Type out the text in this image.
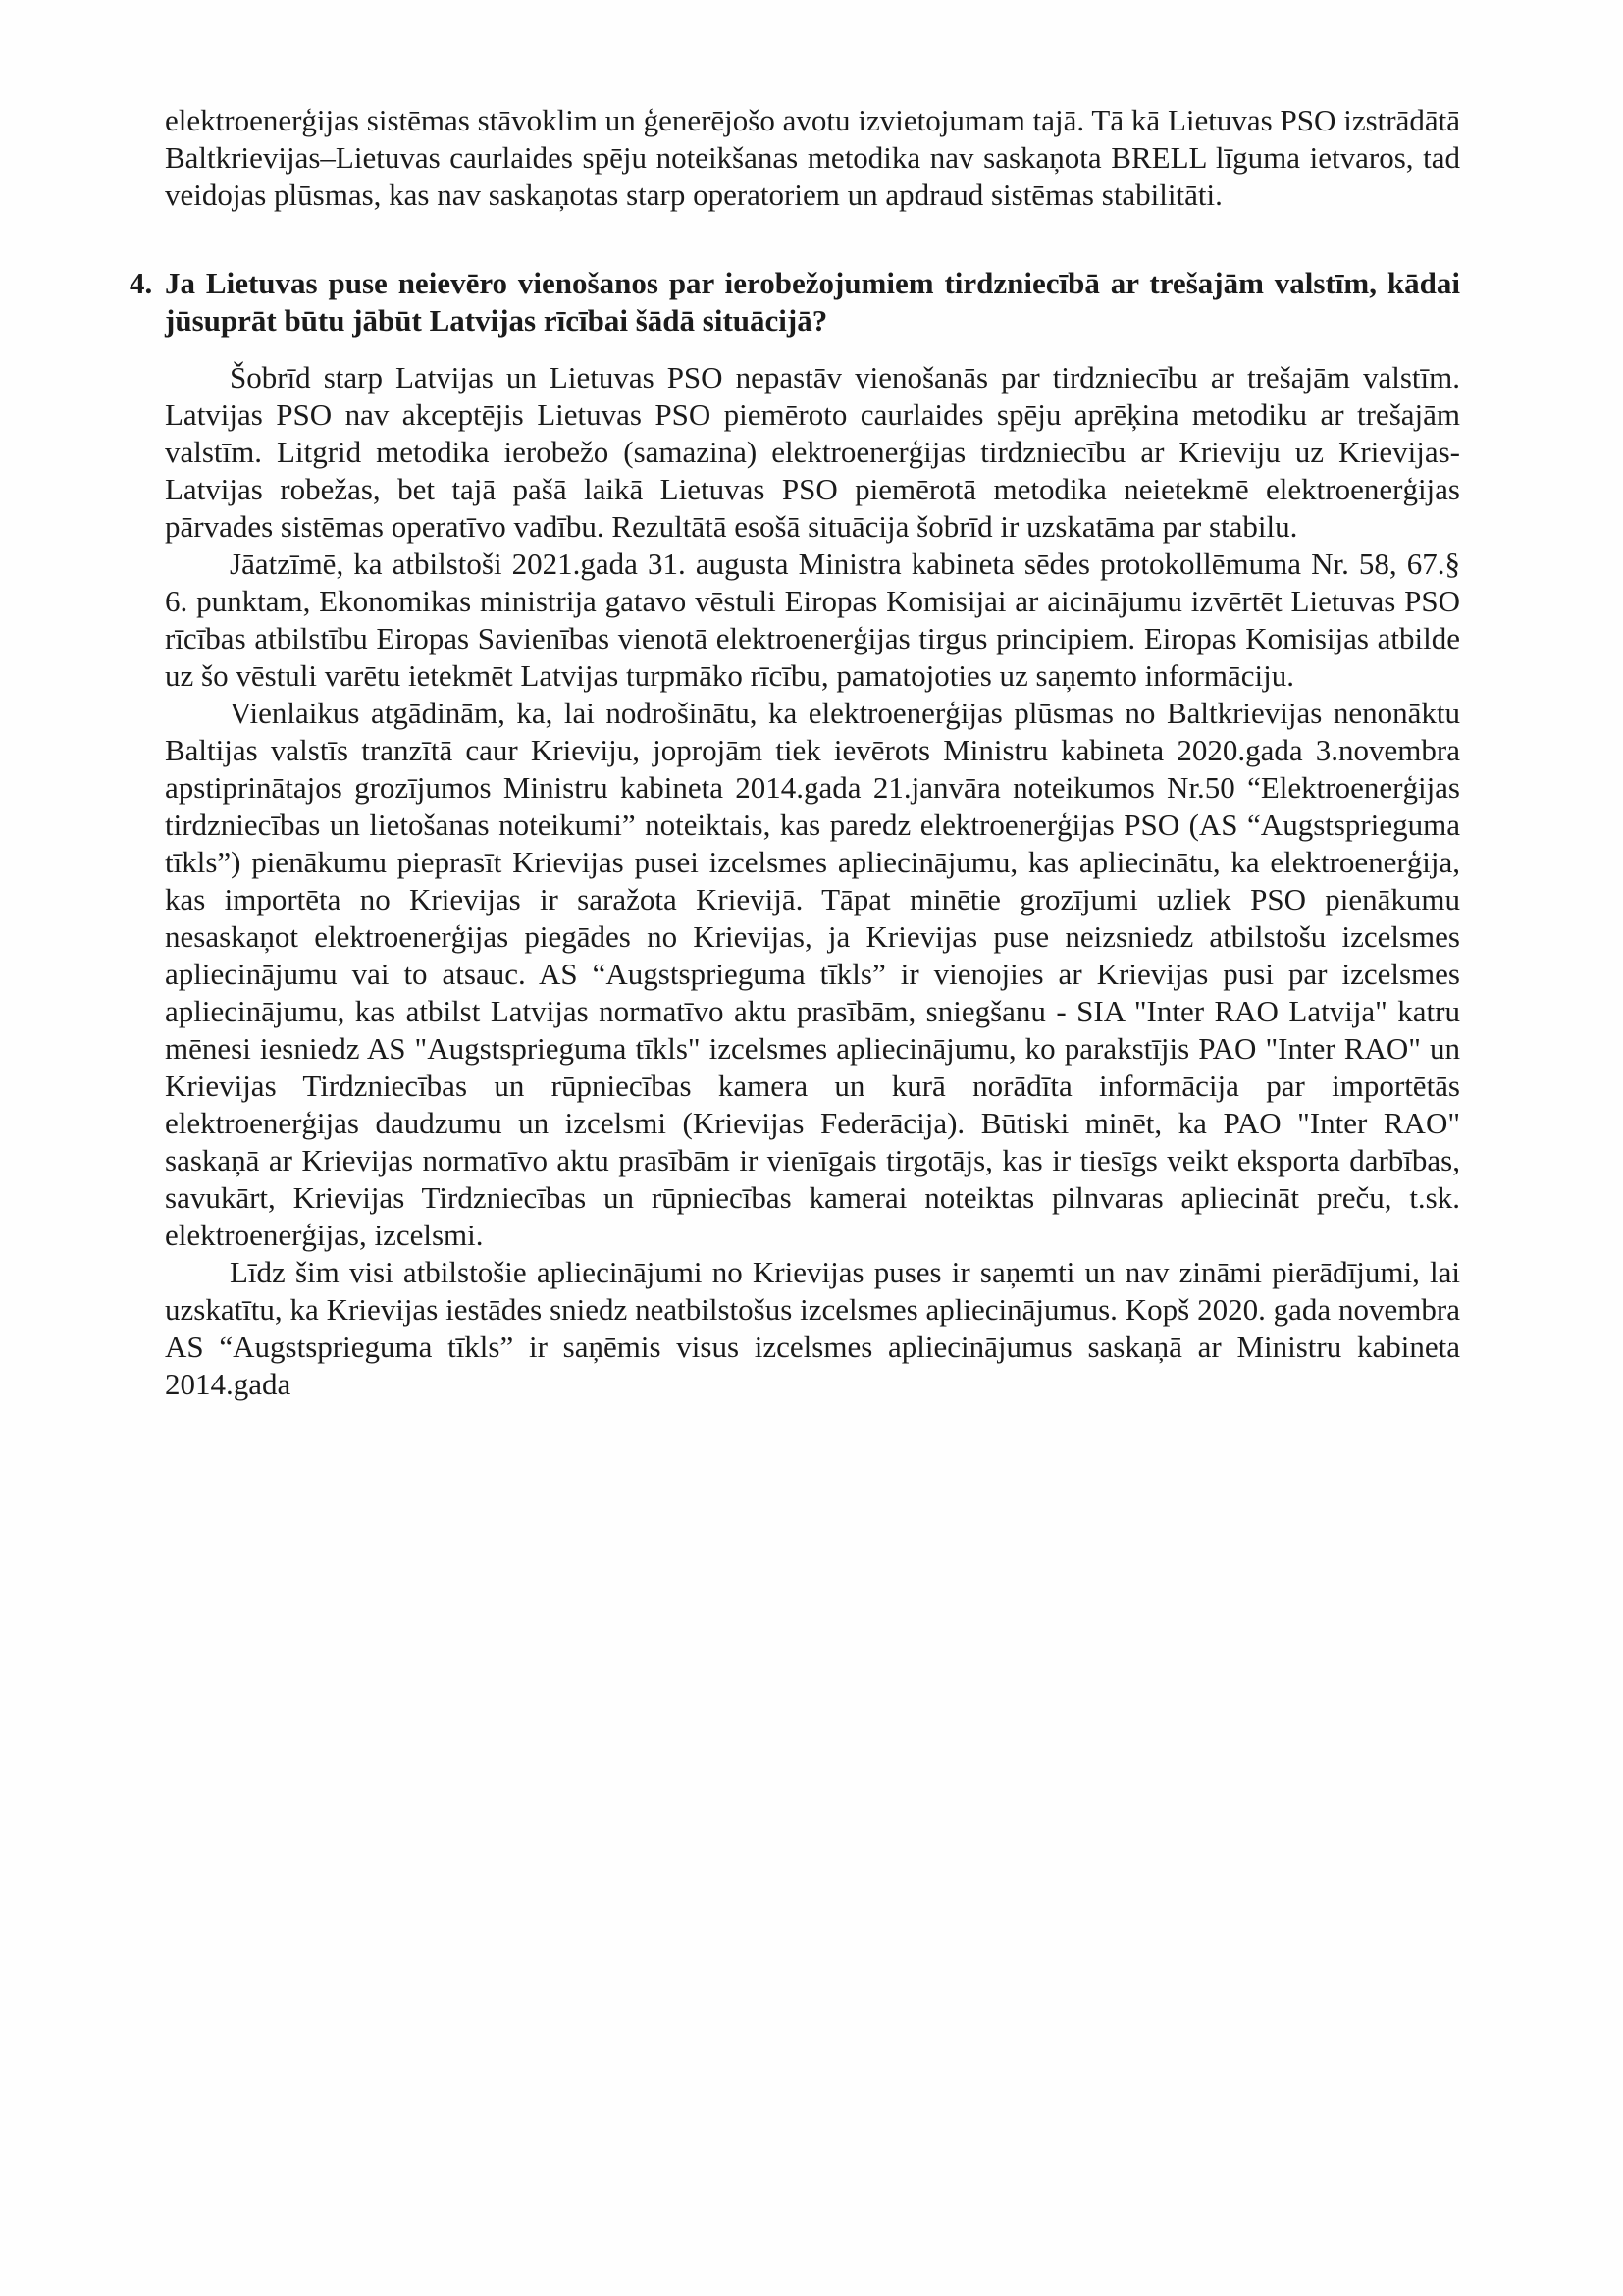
elektroenerģijas sistēmas stāvoklim un ģenerējošo avotu izvietojumam tajā. Tā kā Lietuvas PSO izstrādātā Baltkrievijas–Lietuvas caurlaides spēju noteikšanas metodika nav saskaņota BRELL līguma ietvaros, tad veidojas plūsmas, kas nav saskaņotas starp operatoriem un apdraud sistēmas stabilitāti.

4. Ja Lietuvas puse neievēro vienošanos par ierobežojumiem tirdzniecībā ar trešajām valstīm, kādai jūsuprāt būtu jābūt Latvijas rīcībai šādā situācijā?

Šobrīd starp Latvijas un Lietuvas PSO nepastāv vienošanās par tirdzniecību ar trešajām valstīm. Latvijas PSO nav akceptējis Lietuvas PSO piemēroto caurlaides spēju aprēķina metodiku ar trešajām valstīm. Litgrid metodika ierobežo (samazina) elektroenerģijas tirdzniecību ar Krieviju uz Krievijas-Latvijas robežas, bet tajā pašā laikā Lietuvas PSO piemērotā metodika neietekmē elektroenerģijas pārvades sistēmas operatīvo vadību. Rezultātā esošā situācija šobrīd ir uzskatāma par stabilu.

Jāatzīmē, ka atbilstoši 2021.gada 31. augusta Ministra kabineta sēdes protokollēmuma Nr. 58, 67.§ 6. punktam, Ekonomikas ministrija gatavo vēstuli Eiropas Komisijai ar aicinājumu izvērtēt Lietuvas PSO rīcības atbilstību Eiropas Savienības vienotā elektroenerģijas tirgus principiem. Eiropas Komisijas atbilde uz šo vēstuli varētu ietekmēt Latvijas turpmāko rīcību, pamatojoties uz saņemto informāciju.

Vienlaikus atgādinām, ka, lai nodrošinātu, ka elektroenerģijas plūsmas no Baltkrievijas nenonāktu Baltijas valstīs tranzītā caur Krieviju, joprojām tiek ievērots Ministru kabineta 2020.gada 3.novembra apstiprinātajos grozījumos Ministru kabineta 2014.gada 21.janvāra noteikumos Nr.50 “Elektroenerģijas tirdzniecības un lietošanas noteikumi” noteiktais, kas paredz elektroenerģijas PSO (AS “Augstsprieguma tīkls”) pienākumu pieprasīt Krievijas pusei izcelsmes apliecinājumu, kas apliecinātu, ka elektroenerģija, kas importēta no Krievijas ir saražota Krievijā. Tāpat minētie grozījumi uzliek PSO pienākumu nesaskaņot elektroenerģijas piegādes no Krievijas, ja Krievijas puse neizsniedz atbilstošu izcelsmes apliecinājumu vai to atsauc. AS “Augstsprieguma tīkls” ir vienojies ar Krievijas pusi par izcelsmes apliecinājumu, kas atbilst Latvijas normatīvo aktu prasībām, sniegšanu - SIA "Inter RAO Latvija" katru mēnesi iesniedz AS "Augstsprieguma tīkls" izcelsmes apliecinājumu, ko parakstījis PAO "Inter RAO" un Krievijas Tirdzniecības un rūpniecības kamera un kurā norādīta informācija par importētās elektroenerģijas daudzumu un izcelsmi (Krievijas Federācija). Būtiski minēt, ka PAO "Inter RAO" saskaņā ar Krievijas normatīvo aktu prasībām ir vienīgais tirgotājs, kas ir tiesīgs veikt eksporta darbības, savukārt, Krievijas Tirdzniecības un rūpniecības kamerai noteiktas pilnvaras apliecināt preču, t.sk. elektroenerģijas, izcelsmi.

Līdz šim visi atbilstošie apliecinājumi no Krievijas puses ir saņemti un nav zināmi pierādījumi, lai uzskatītu, ka Krievijas iestādes sniedz neatbilstošus izcelsmes apliecinājumus. Kopš 2020. gada novembra AS “Augstsprieguma tīkls” ir saņēmis visus izcelsmes apliecinājumus saskaņā ar Ministru kabineta 2014.gada
